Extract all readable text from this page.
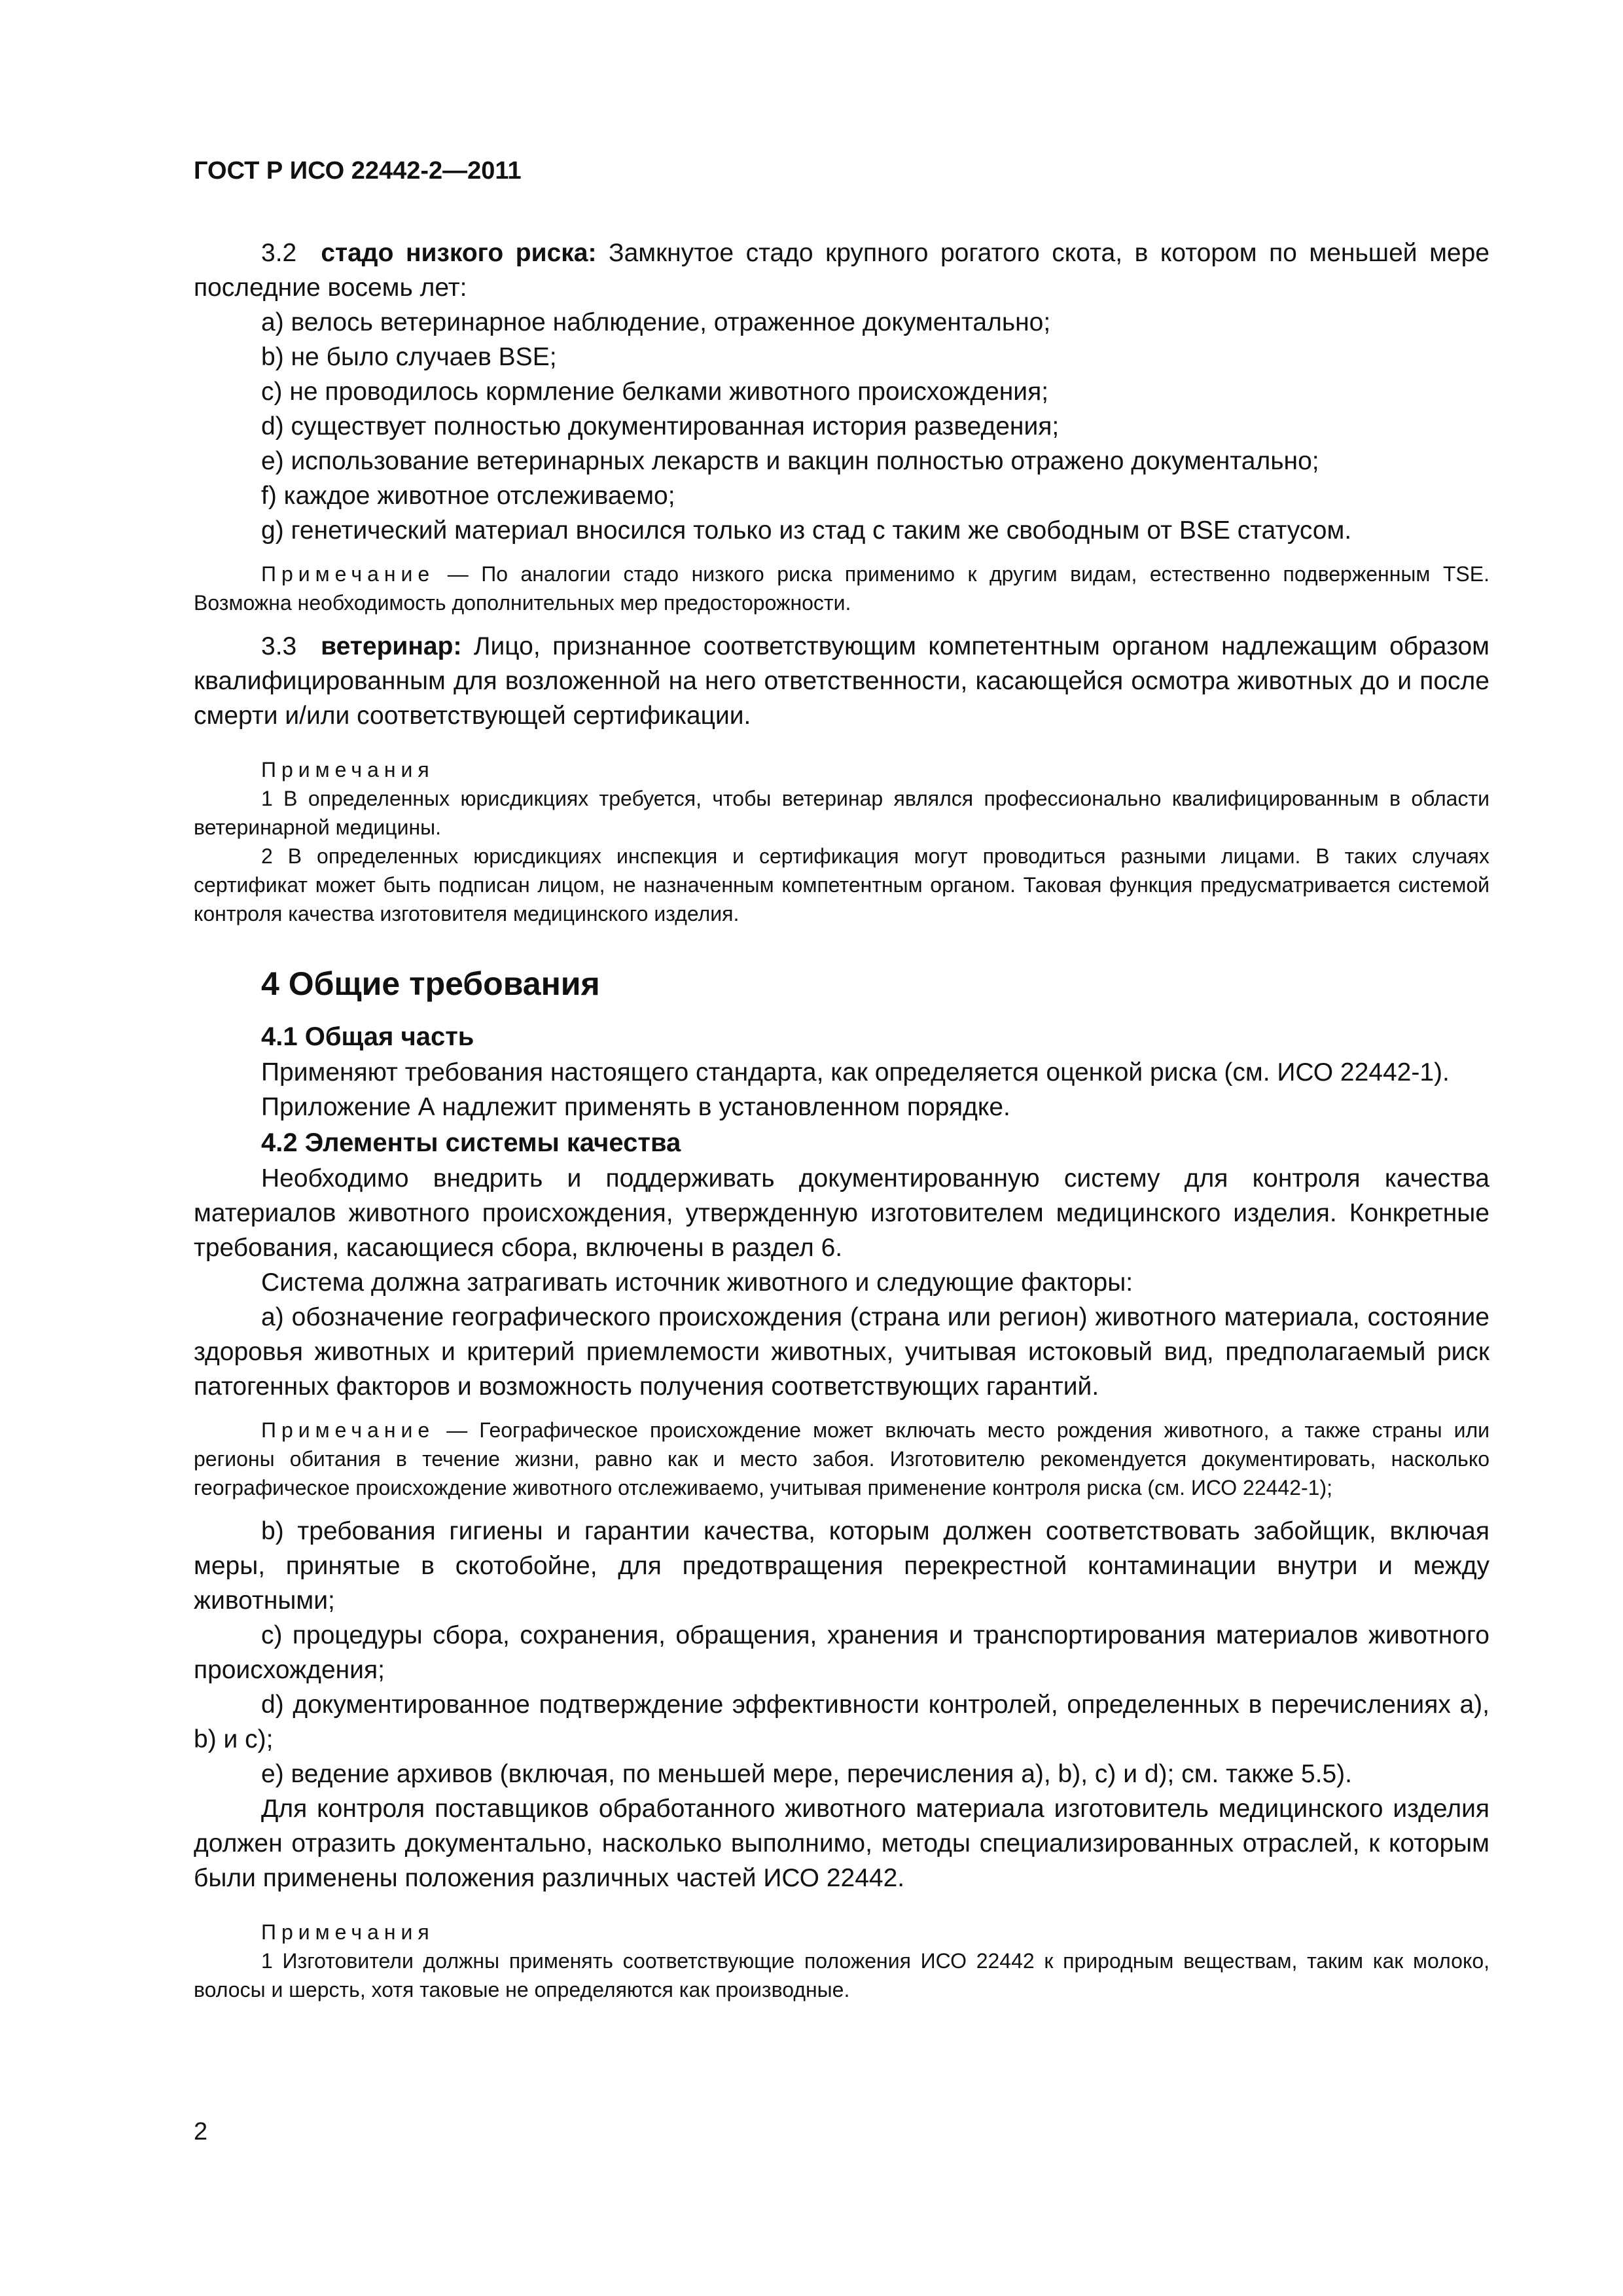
ГОСТ Р ИСО 22442-2—2011

3.2 стадо низкого риска: Замкнутое стадо крупного рогатого скота, в котором по меньшей мере последние восемь лет:

a) велось ветеринарное наблюдение, отраженное документально;

b) не было случаев BSE;

c) не проводилось кормление белками животного происхождения;

d) существует полностью документированная история разведения;

e) использование ветеринарных лекарств и вакцин полностью отражено документально;

f) каждое животное отслеживаемо;

g) генетический материал вносился только из стад с таким же свободным от BSE статусом.

Примечание — По аналогии стадо низкого риска применимо к другим видам, естественно подверженным TSE. Возможна необходимость дополнительных мер предосторожности.

3.3 ветеринар: Лицо, признанное соответствующим компетентным органом надлежащим образом квалифицированным для возложенной на него ответственности, касающейся осмотра животных до и после смерти и/или соответствующей сертификации.

Примечания

1 В определенных юрисдикциях требуется, чтобы ветеринар являлся профессионально квалифицированным в области ветеринарной медицины.

2 В определенных юрисдикциях инспекция и сертификация могут проводиться разными лицами. В таких случаях сертификат может быть подписан лицом, не назначенным компетентным органом. Таковая функция предусматривается системой контроля качества изготовителя медицинского изделия.

4 Общие требования
4.1 Общая часть

Применяют требования настоящего стандарта, как определяется оценкой риска (см. ИСО 22442-1).

Приложение А надлежит применять в установленном порядке.

4.2 Элементы системы качества

Необходимо внедрить и поддерживать документированную систему для контроля качества материалов животного происхождения, утвержденную изготовителем медицинского изделия. Конкретные требования, касающиеся сбора, включены в раздел 6.

Система должна затрагивать источник животного и следующие факторы:

a) обозначение географического происхождения (страна или регион) животного материала, состояние здоровья животных и критерий приемлемости животных, учитывая истоковый вид, предполагаемый риск патогенных факторов и возможность получения соответствующих гарантий.

Примечание — Географическое происхождение может включать место рождения животного, а также страны или регионы обитания в течение жизни, равно как и место забоя. Изготовителю рекомендуется документировать, насколько географическое происхождение животного отслеживаемо, учитывая применение контроля риска (см. ИСО 22442-1);

b) требования гигиены и гарантии качества, которым должен соответствовать забойщик, включая меры, принятые в скотобойне, для предотвращения перекрестной контаминации внутри и между животными;

c) процедуры сбора, сохранения, обращения, хранения и транспортирования материалов животного происхождения;

d) документированное подтверждение эффективности контролей, определенных в перечислениях a), b) и c);

e) ведение архивов (включая, по меньшей мере, перечисления a), b), c) и d); см. также 5.5).

Для контроля поставщиков обработанного животного материала изготовитель медицинского изделия должен отразить документально, насколько выполнимо, методы специализированных отраслей, к которым были применены положения различных частей ИСО 22442.

Примечания

1 Изготовители должны применять соответствующие положения ИСО 22442 к природным веществам, таким как молоко, волосы и шерсть, хотя таковые не определяются как производные.

2
